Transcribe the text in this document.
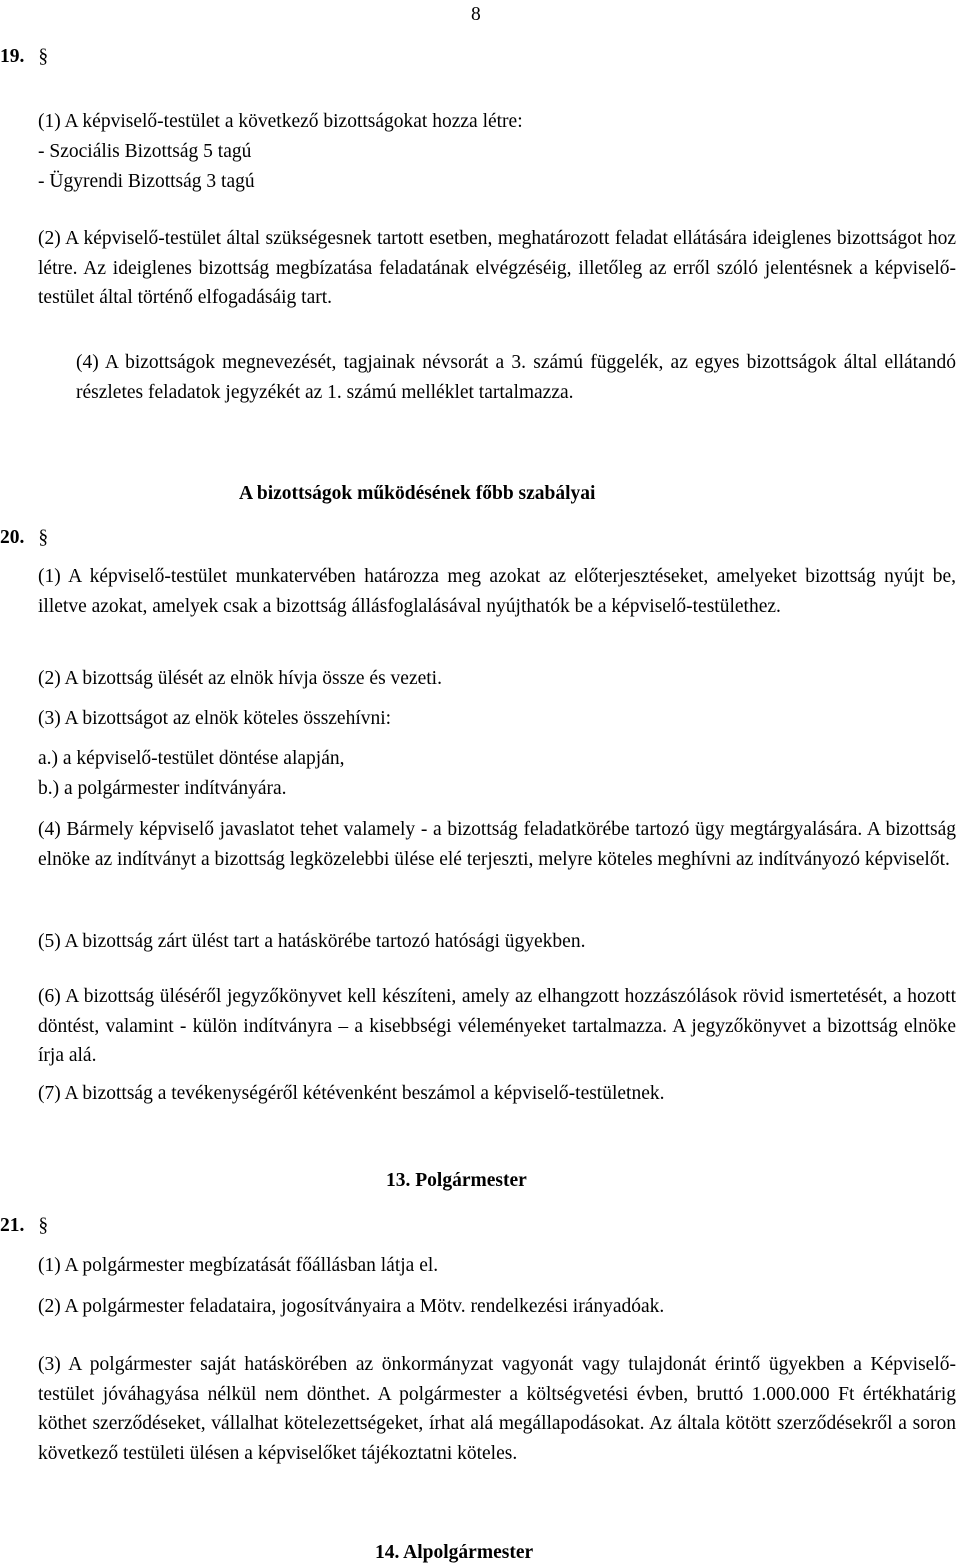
8
19. §
(1) A képviselő-testület a következő bizottságokat hozza létre:
- Szociális Bizottság 5 tagú
- Ügyrendi Bizottság 3 tagú

(2) A képviselő-testület által szükségesnek tartott esetben, meghatározott feladat ellátására ideiglenes bizottságot hoz létre. Az ideiglenes bizottság megbízatása feladatának elvégzéséig, illetőleg az erről szóló jelentésnek a képviselő-testület által történő elfogadásáig tart.

(4) A bizottságok megnevezését, tagjainak névsorát a 3. számú függelék, az egyes bizottságok által ellátandó részletes feladatok jegyzékét az 1. számú melléklet tartalmazza.

A bizottságok működésének főbb szabályai
20. §

(1) A képviselő-testület munkatervében határozza meg azokat az előterjesztéseket, amelyeket bizottság nyújt be, illetve azokat, amelyek csak a bizottság állásfoglalásával nyújthatók be a képviselő-testülethez.

(2) A bizottság ülését az elnök hívja össze és vezeti.
(3) A bizottságot az elnök köteles összehívni:
a.) a képviselő-testület döntése alapján,
b.) a polgármester indítványára.

(4) Bármely képviselő javaslatot tehet valamely - a bizottság feladatkörébe tartozó ügy megtárgyalására. A bizottság elnöke az indítványt a bizottság legközelebbi ülése elé terjeszti, melyre köteles meghívni az indítványozó képviselőt.

(5) A bizottság zárt ülést tart a hatáskörébe tartozó hatósági ügyekben.

(6) A bizottság üléséről jegyzőkönyvet kell készíteni, amely az elhangzott hozzászólások rövid ismertetését, a hozott döntést, valamint - külön indítványra – a kisebbségi véleményeket tartalmazza. A jegyzőkönyvet a bizottság elnöke írja alá.

(7) A bizottság a tevékenységéről kétévenként beszámol a képviselő-testületnek.
13. Polgármester
21. §
(1) A polgármester megbízatását főállásban látja el.
(2) A polgármester feladataira, jogosítványaira a Mötv. rendelkezési irányadóak.

(3) A polgármester saját hatáskörében az önkormányzat vagyonát vagy tulajdonát érintő ügyekben a Képviselő-testület jóváhagyása nélkül nem dönthet. A polgármester a költségvetési évben, bruttó 1.000.000 Ft értékhatárig köthet szerződéseket, vállalhat kötelezettségeket, írhat alá megállapodásokat. Az általa kötött szerződésekről a soron következő testületi ülésen a képviselőket tájékoztatni köteles.

14. Alpolgármester
